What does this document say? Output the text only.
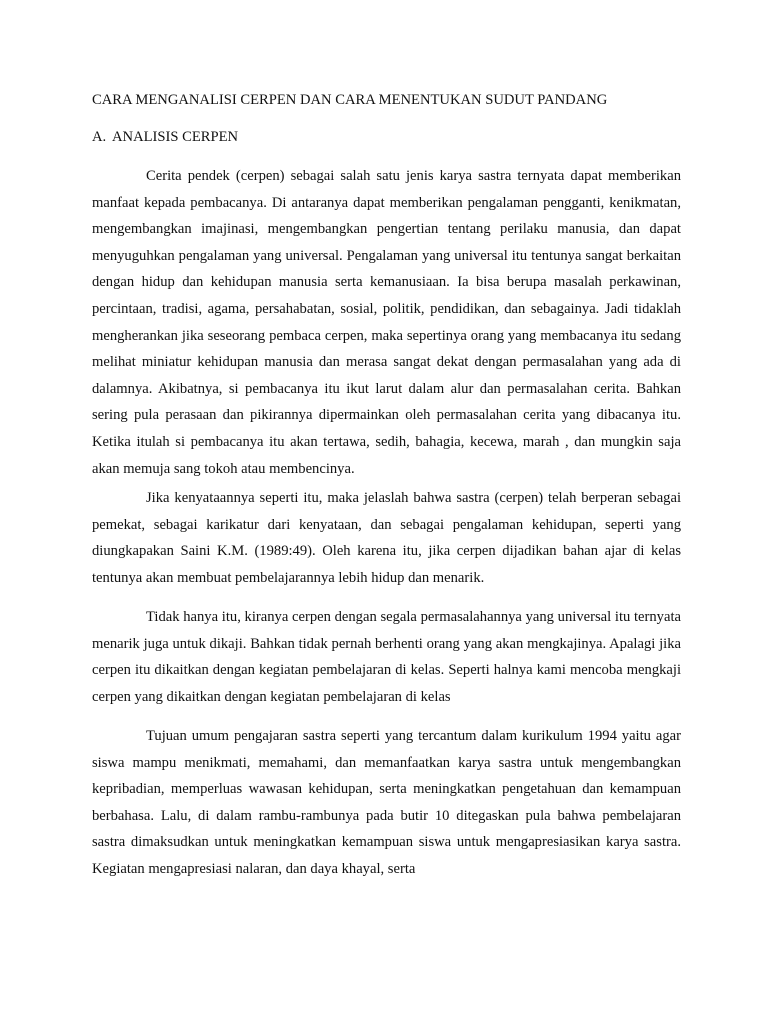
CARA MENGANALISI CERPEN DAN CARA MENENTUKAN SUDUT PANDANG
A. ANALISIS CERPEN

Cerita pendek (cerpen) sebagai salah satu jenis karya sastra ternyata dapat memberikan manfaat kepada pembacanya. Di antaranya dapat memberikan pengalaman pengganti, kenikmatan, mengembangkan imajinasi, mengembangkan pengertian tentang perilaku manusia, dan dapat menyuguhkan pengalaman yang universal. Pengalaman yang universal itu tentunya sangat berkaitan dengan hidup dan kehidupan manusia serta kemanusiaan. Ia bisa berupa masalah perkawinan, percintaan, tradisi, agama, persahabatan, sosial, politik, pendidikan, dan sebagainya. Jadi tidaklah mengherankan jika seseorang pembaca cerpen, maka sepertinya orang yang membacanya itu sedang melihat miniatur kehidupan manusia dan merasa sangat dekat dengan permasalahan yang ada di dalamnya. Akibatnya, si pembacanya itu ikut larut dalam alur dan permasalahan cerita. Bahkan sering pula perasaan dan pikirannya dipermainkan oleh permasalahan cerita yang dibacanya itu. Ketika itulah si pembacanya itu akan tertawa, sedih, bahagia, kecewa, marah , dan mungkin saja akan memuja sang tokoh atau membencinya.

Jika kenyataannya seperti itu, maka jelaslah bahwa sastra (cerpen) telah berperan sebagai pemekat, sebagai karikatur dari kenyataan, dan sebagai pengalaman kehidupan, seperti yang diungkapakan Saini K.M. (1989:49). Oleh karena itu, jika cerpen dijadikan bahan ajar di kelas tentunya akan membuat pembelajarannya lebih hidup dan menarik.

Tidak hanya itu, kiranya cerpen dengan segala permasalahannya yang universal itu ternyata menarik juga untuk dikaji. Bahkan tidak pernah berhenti orang yang akan mengkajinya. Apalagi jika cerpen itu dikaitkan dengan kegiatan pembelajaran di kelas. Seperti halnya kami mencoba mengkaji cerpen yang dikaitkan dengan kegiatan pembelajaran di kelas

Tujuan umum pengajaran sastra seperti yang tercantum dalam kurikulum 1994 yaitu agar siswa mampu menikmati, memahami, dan memanfaatkan karya sastra untuk mengembangkan kepribadian, memperluas wawasan kehidupan, serta meningkatkan pengetahuan dan kemampuan berbahasa. Lalu, di dalam rambu-rambunya pada butir 10 ditegaskan pula bahwa pembelajaran sastra dimaksudkan untuk meningkatkan kemampuan siswa untuk mengapresiasikan karya sastra. Kegiatan mengapresiasi nalaran, dan daya khayal, serta
